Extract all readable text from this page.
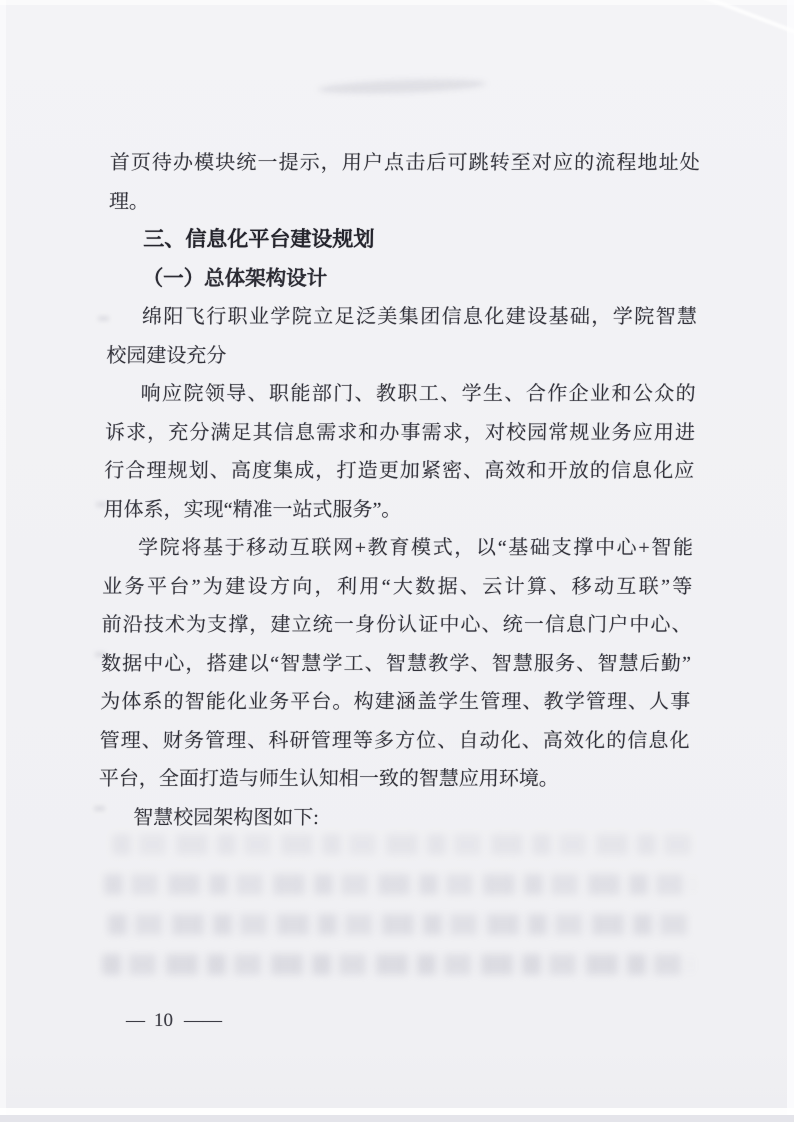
首页待办模块统一提示，用户点击后可跳转至对应的流程地址处
理。
三、信息化平台建设规划
（一）总体架构设计
绵阳飞行职业学院立足泛美集团信息化建设基础，学院智慧
校园建设充分
响应院领导、职能部门、教职工、学生、合作企业和公众的
诉求，充分满足其信息需求和办事需求，对校园常规业务应用进
行合理规划、高度集成，打造更加紧密、高效和开放的信息化应
用体系，实现“精准一站式服务”。
学院将基于移动互联网+教育模式，以“基础支撑中心+智能
业务平台”为建设方向，利用“大数据、云计算、移动互联”等
前沿技术为支撑，建立统一身份认证中心、统一信息门户中心、
数据中心，搭建以“智慧学工、智慧教学、智慧服务、智慧后勤”
为体系的智能化业务平台。构建涵盖学生管理、教学管理、人事
管理、财务管理、科研管理等多方位、自动化、高效化的信息化
平台，全面打造与师生认知相一致的智慧应用环境。
智慧校园架构图如下:
— 10 ——
